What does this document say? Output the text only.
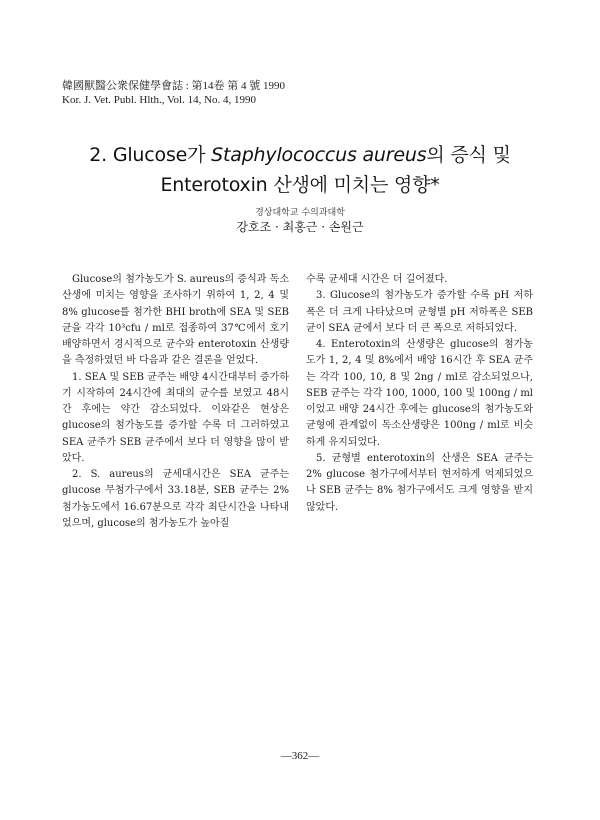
韓國獸醫公衆保健學會誌 : 第14卷 第 4 號 1990
Kor. J. Vet. Publ. Hlth., Vol. 14, No. 4, 1990
2. Glucose가 Staphylococcus aureus의 증식 및
Enterotoxin 산생에 미치는 영향*
경상대학교 수의과대학
강호조 · 최홍근 · 손원근

Glucose의 첨가농도가 S. aureus의 증식과 독소산생에 미치는 영향을 조사하기 위하여 1, 2, 4 및 8% glucose를 첨가한 BHI broth에 SEA 및 SEB 균을 각각 10³cfu / ml로 접종하여 37℃에서 호기배양하면서 경시적으로 균수와 enterotoxin 산생량을 측정하였던 바 다음과 같은 결론을 얻었다.

1. SEA 및 SEB 균주는 배양 4시간대부터 증가하기 시작하여 24시간에 최대의 균수를 보였고 48시간 후에는 약간 감소되었다. 이와같은 현상은 glucose의 첨가농도를 증가할 수록 더 그러하였고 SEA 균주가 SEB 균주에서 보다 더 영향을 많이 받았다.

2. S. aureus의 균세대시간은 SEA 균주는 glucose 무첨가구에서 33.18분, SEB 균주는 2% 첨가농도에서 16.67분으로 각각 최단시간을 나타내었으며, glucose의 첨가농도가 높아질

수록 균세대 시간은 더 길어졌다.

3. Glucose의 첨가농도가 증가할 수록 pH 저하폭은 더 크게 나타났으며 균형별 pH 저하폭은 SEB 균이 SEA 균에서 보다 더 큰 폭으로 저하되었다.

4. Enterotoxin의 산생량은 glucose의 첨가농도가 1, 2, 4 및 8%에서 배양 16시간 후 SEA 균주는 각각 100, 10, 8 및 2ng / ml로 감소되었으나, SEB 균주는 각각 100, 1000, 100 및 100ng / ml이었고 배양 24시간 후에는 glucose의 첨가농도와 균형에 관계없이 독소산생량은 100ng / ml로 비슷하게 유지되었다.

5. 균형별 enterotoxin의 산생은 SEA 균주는 2% glucose 첨가구에서부터 현저하게 억제되었으나 SEB 균주는 8% 첨가구에서도 크게 영향을 받지 않았다.

—362—
